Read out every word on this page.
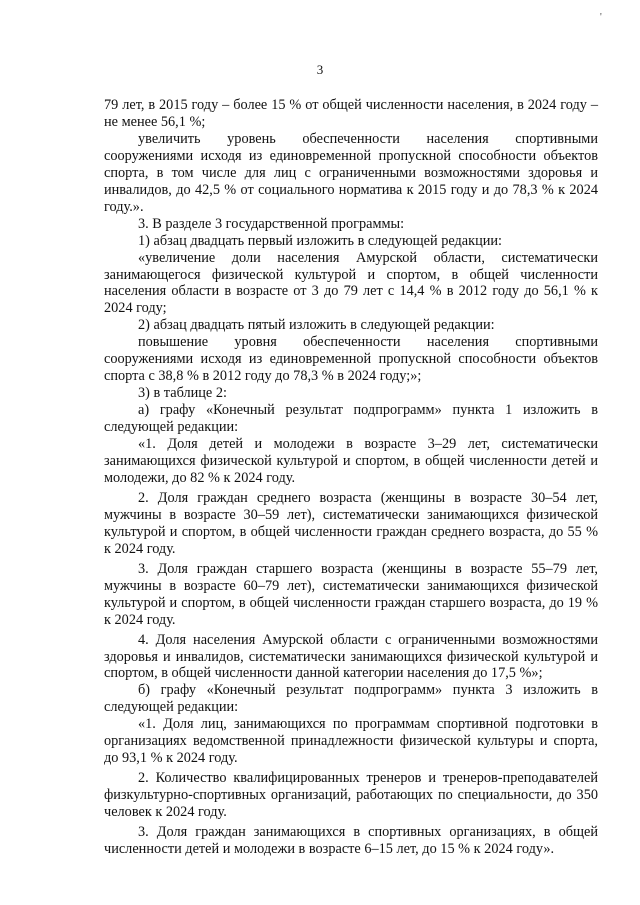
'
3

79 лет, в 2015 году – более 15 % от общей численности населения, в 2024 году – не менее 56,1 %;

увеличить уровень обеспеченности населения спортивными сооружениями исходя из единовременной пропускной способности объектов спорта, в том числе для лиц с ограниченными возможностями здоровья и инвалидов, до 42,5 % от социального норматива к 2015 году и до 78,3 % к 2024 году.».

3. В разделе 3 государственной программы:

1) абзац двадцать первый изложить в следующей редакции:

«увеличение доли населения Амурской области, систематически занимающегося физической культурой и спортом, в общей численности населения области в возрасте от 3 до 79 лет с 14,4 % в 2012 году до 56,1 % к 2024 году;

2) абзац двадцать пятый изложить в следующей редакции:

повышение уровня обеспеченности населения спортивными сооружениями исходя из единовременной пропускной способности объектов спорта с 38,8 % в 2012 году до 78,3 % в 2024 году;»;

3) в таблице 2:

а) графу «Конечный результат подпрограмм» пункта 1 изложить в следующей редакции:

«1. Доля детей и молодежи в возрасте 3–29 лет, систематически занимающихся физической культурой и спортом, в общей численности детей и молодежи, до 82 % к 2024 году.

2. Доля граждан среднего возраста (женщины в возрасте 30–54 лет, мужчины в возрасте 30–59 лет), систематически занимающихся физической культурой и спортом, в общей численности граждан среднего возраста, до 55 % к 2024 году.

3. Доля граждан старшего возраста (женщины в возрасте 55–79 лет, мужчины в возрасте 60–79 лет), систематически занимающихся физической культурой и спортом, в общей численности граждан старшего возраста, до 19 % к 2024 году.

4. Доля населения Амурской области с ограниченными возможностями здоровья и инвалидов, систематически занимающихся физической культурой и спортом, в общей численности данной категории населения до 17,5 %»;

б) графу «Конечный результат подпрограмм» пункта 3 изложить в следующей редакции:

«1. Доля лиц, занимающихся по программам спортивной подготовки в организациях ведомственной принадлежности физической культуры и спорта, до 93,1 % к 2024 году.

2. Количество квалифицированных тренеров и тренеров-преподавателей физкультурно-спортивных организаций, работающих по специальности, до 350 человек к 2024 году.

3. Доля граждан занимающихся в спортивных организациях, в общей численности детей и молодежи в возрасте 6–15 лет, до 15 % к 2024 году».
